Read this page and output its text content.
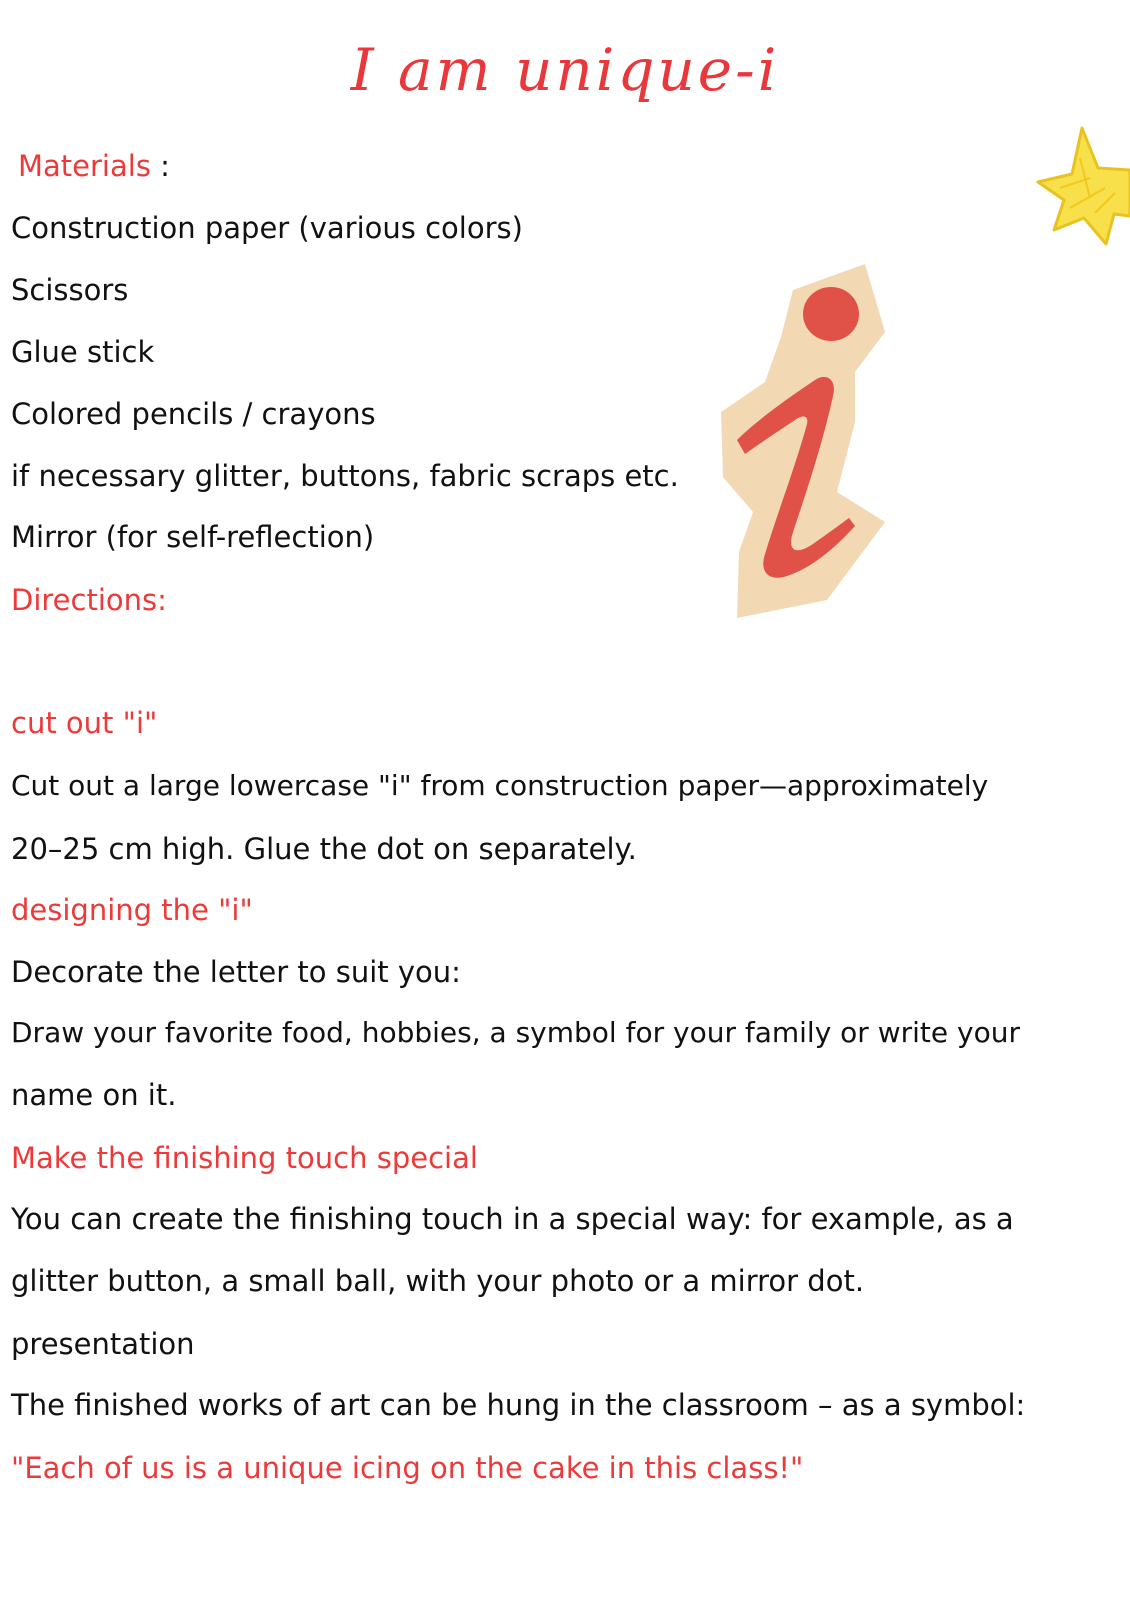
I am unique-i

Materials :

Construction paper (various colors)

Scissors

Glue stick

Colored pencils / crayons

if necessary glitter, buttons, fabric scraps etc.

Mirror (for self-reflection)

Directions:

cut out "i"

Cut out a large lowercase "i" from construction paper—approximately

20–25 cm high. Glue the dot on separately.

designing the "i"

Decorate the letter to suit you:

Draw your favorite food, hobbies, a symbol for your family or write your

name on it.

Make the finishing touch special

You can create the finishing touch in a special way: for example, as a

glitter button, a small ball, with your photo or a mirror dot.

presentation

The finished works of art can be hung in the classroom – as a symbol:

"Each of us is a unique icing on the cake in this class!"
